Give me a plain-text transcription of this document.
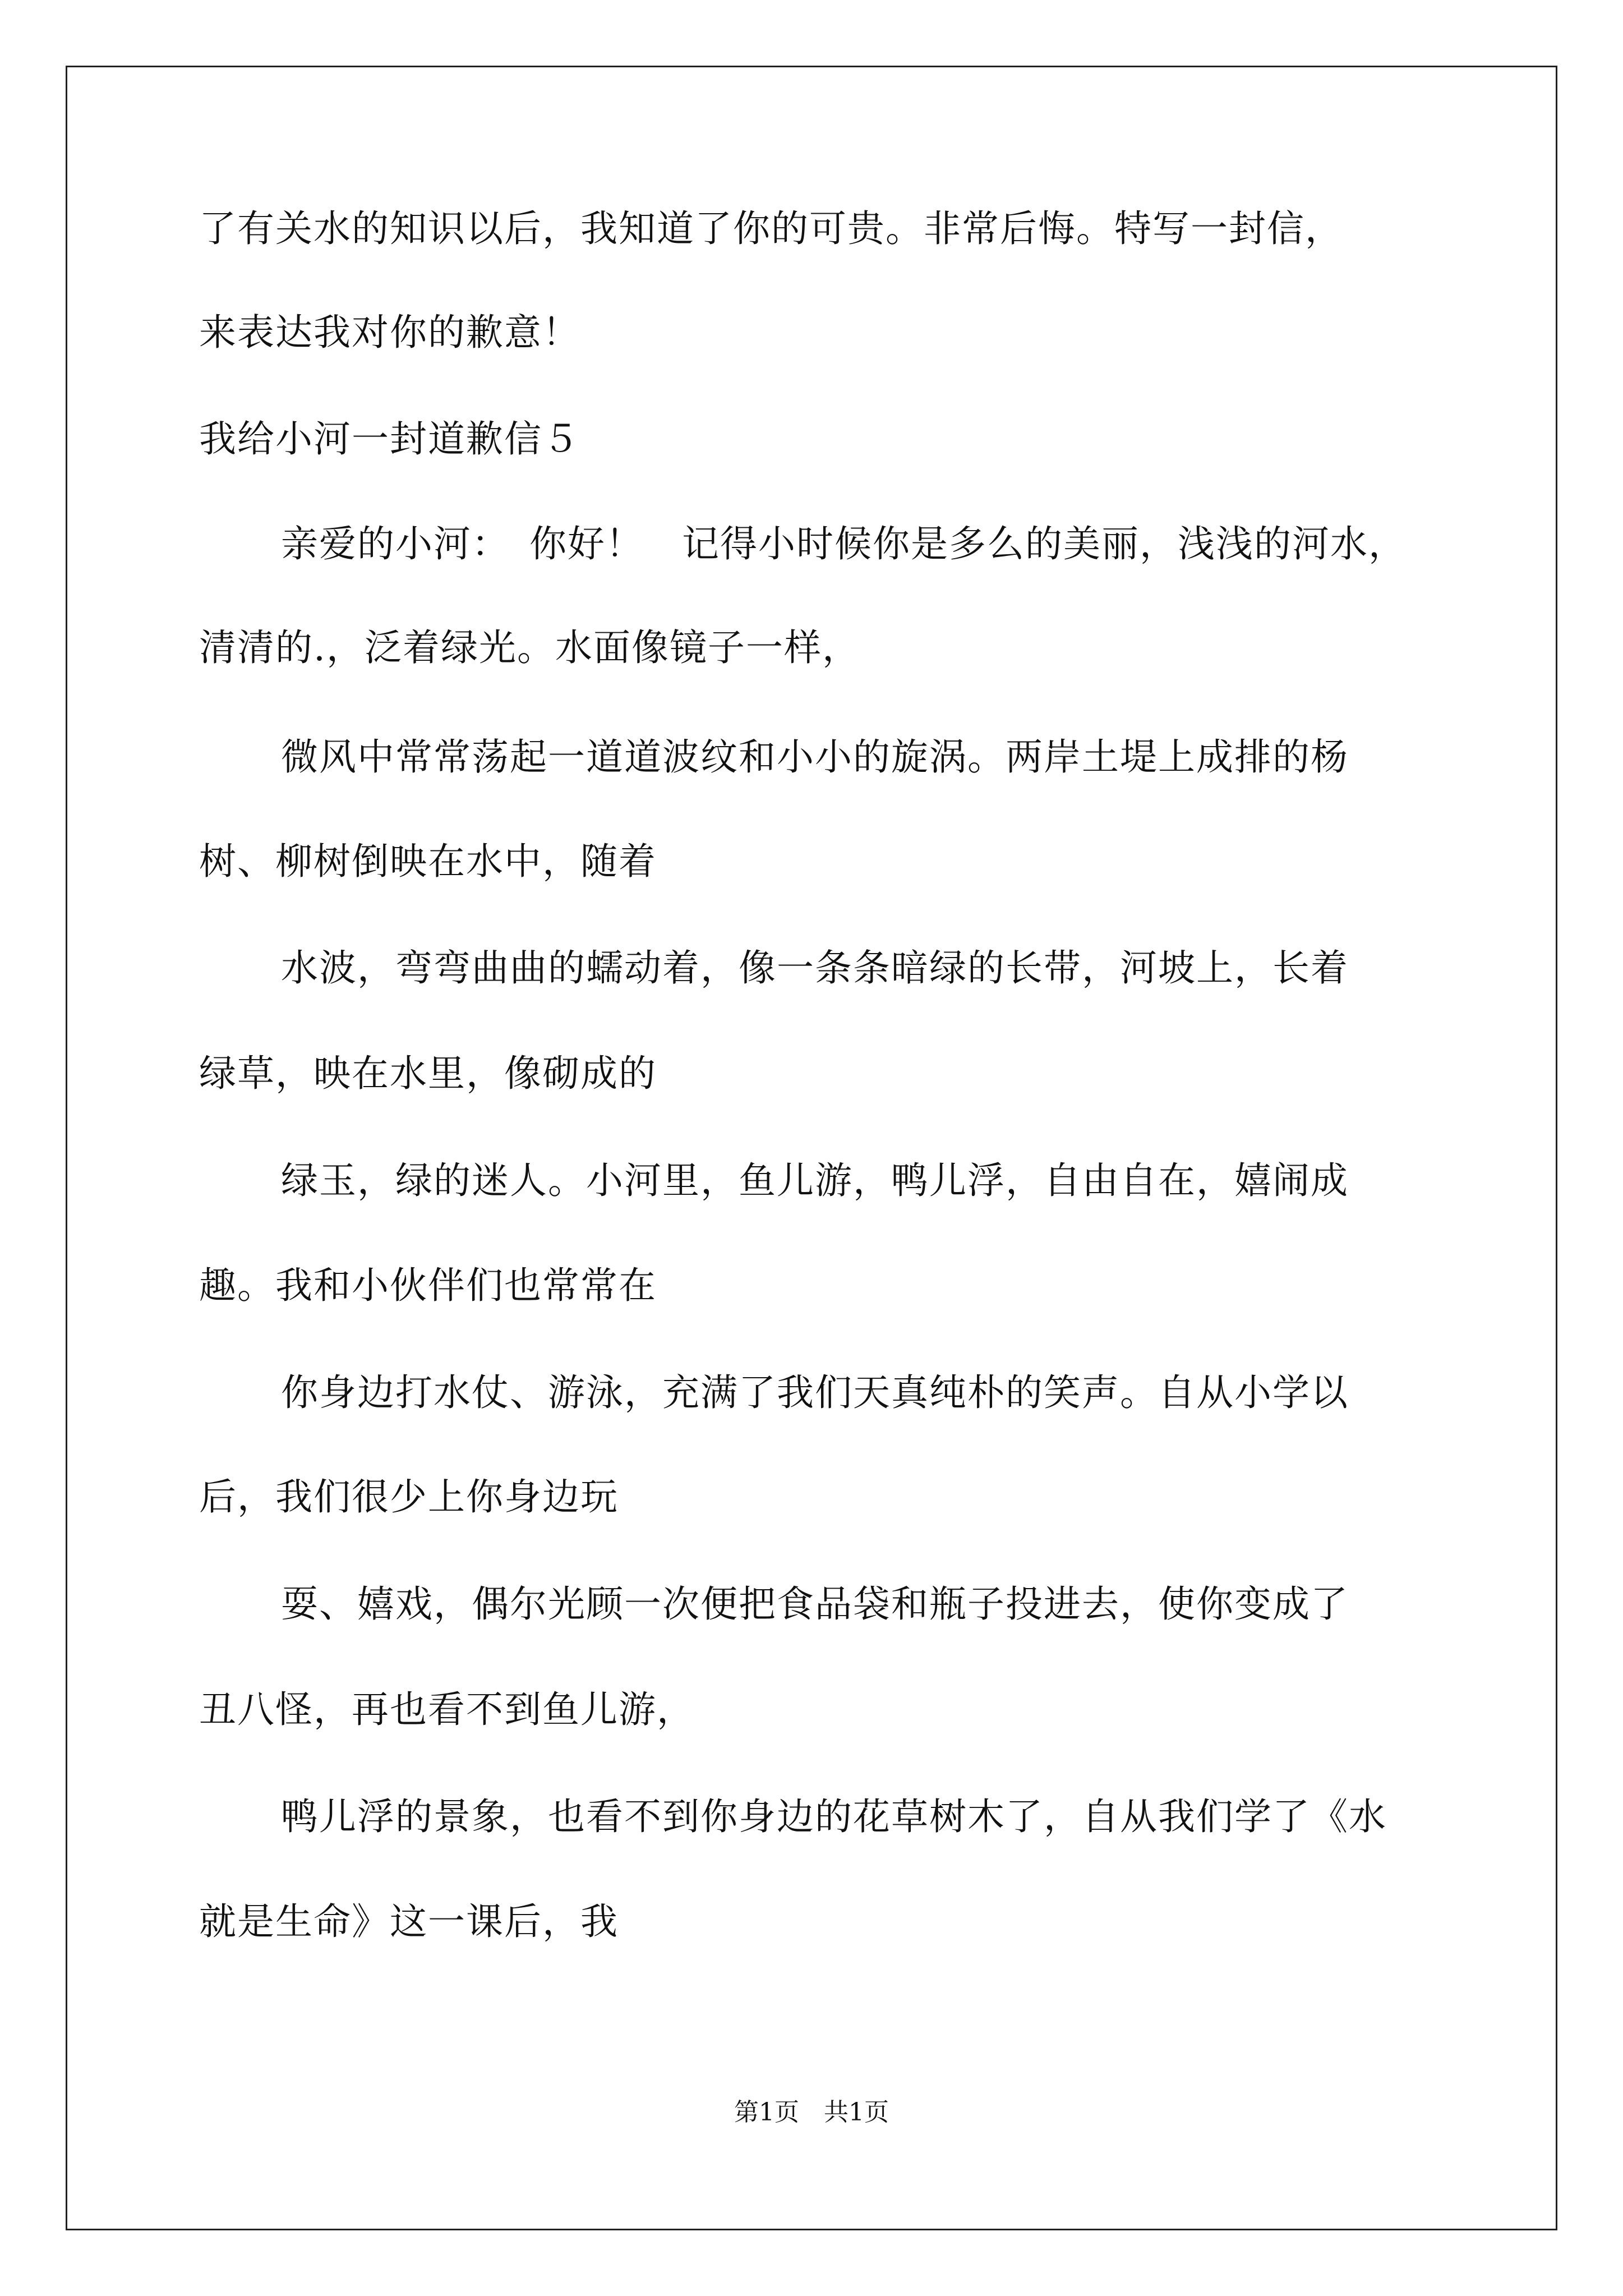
了有关水的知识以后，我知道了你的可贵。非常后悔。特写一封信，
来表达我对你的歉意！
我给小河一封道歉信５
亲爱的小河：　你好！　记得小时候你是多么的美丽，浅浅的河水，
清清的.，泛着绿光。水面像镜子一样，
微风中常常荡起一道道波纹和小小的旋涡。两岸土堤上成排的杨
树、柳树倒映在水中，随着
水波，弯弯曲曲的蠕动着，像一条条暗绿的长带，河坡上，长着
绿草，映在水里，像砌成的
绿玉，绿的迷人。小河里，鱼儿游，鸭儿浮，自由自在，嬉闹成
趣。我和小伙伴们也常常在
你身边打水仗、游泳，充满了我们天真纯朴的笑声。自从小学以
后，我们很少上你身边玩
耍、嬉戏，偶尔光顾一次便把食品袋和瓶子投进去，使你变成了
丑八怪，再也看不到鱼儿游，
鸭儿浮的景象，也看不到你身边的花草树木了，自从我们学了《水
就是生命》这一课后，我
第1页　共1页
